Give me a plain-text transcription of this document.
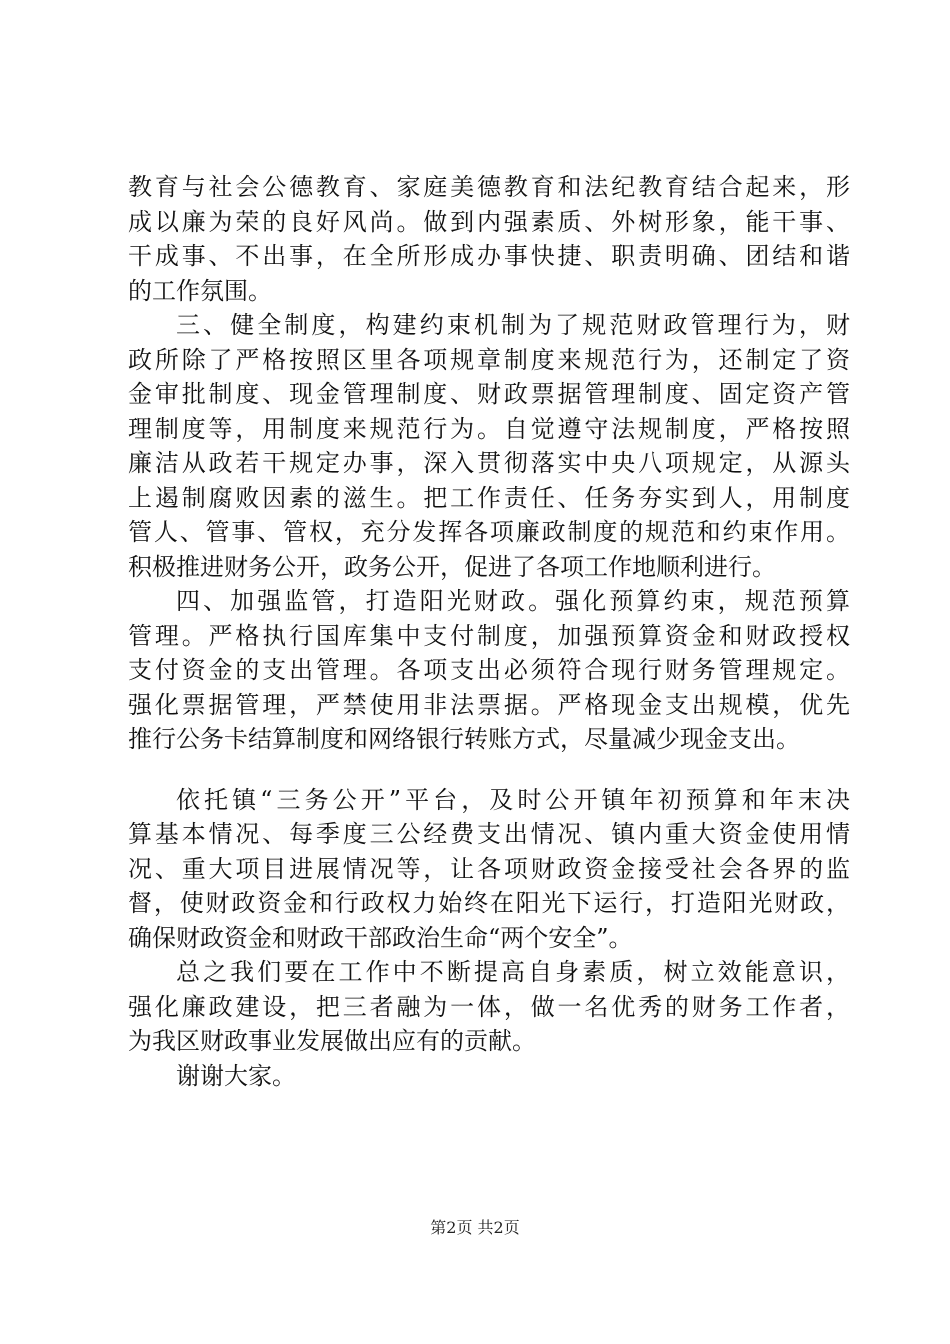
教育与社会公德教育、家庭美德教育和法纪教育结合起来，形
成以廉为荣的良好风尚。做到内强素质、外树形象，能干事、
干成事、不出事，在全所形成办事快捷、职责明确、团结和谐
的工作氛围。
三、健全制度，构建约束机制为了规范财政管理行为，财
政所除了严格按照区里各项规章制度来规范行为，还制定了资
金审批制度、现金管理制度、财政票据管理制度、固定资产管
理制度等，用制度来规范行为。自觉遵守法规制度，严格按照
廉洁从政若干规定办事，深入贯彻落实中央八项规定，从源头
上遏制腐败因素的滋生。把工作责任、任务夯实到人，用制度
管人、管事、管权，充分发挥各项廉政制度的规范和约束作用。
积极推进财务公开，政务公开，促进了各项工作地顺利进行。
四、加强监管，打造阳光财政。强化预算约束，规范预算
管理。严格执行国库集中支付制度，加强预算资金和财政授权
支付资金的支出管理。各项支出必须符合现行财务管理规定。
强化票据管理，严禁使用非法票据。严格现金支出规模，优先
推行公务卡结算制度和网络银行转账方式，尽量减少现金支出。
依托镇“三务公开”平台，及时公开镇年初预算和年末决
算基本情况、每季度三公经费支出情况、镇内重大资金使用情
况、重大项目进展情况等，让各项财政资金接受社会各界的监
督，使财政资金和行政权力始终在阳光下运行，打造阳光财政，
确保财政资金和财政干部政治生命“两个安全”。
总之我们要在工作中不断提高自身素质，树立效能意识，
强化廉政建设，把三者融为一体，做一名优秀的财务工作者，
为我区财政事业发展做出应有的贡献。
谢谢大家。
第2页 共2页
